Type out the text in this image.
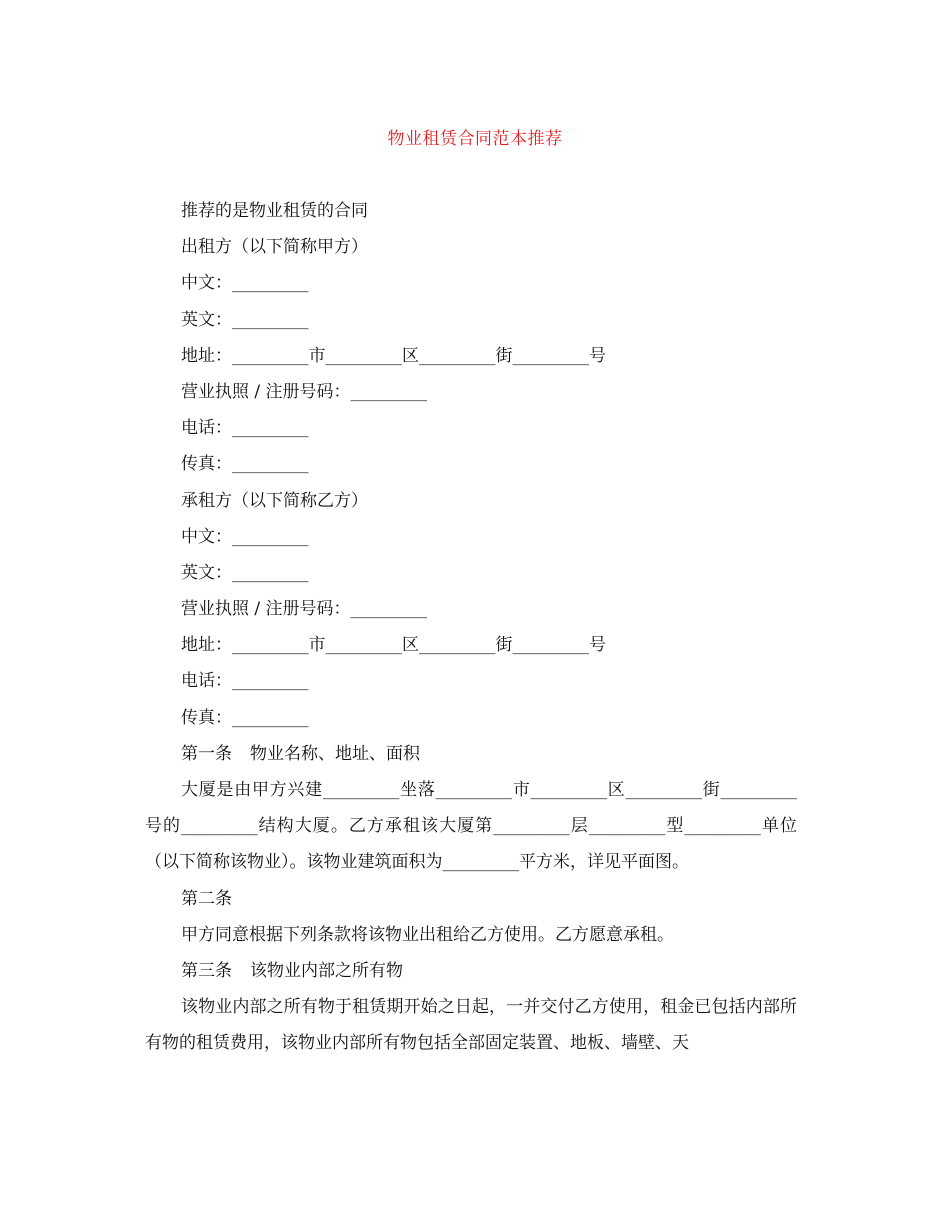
物业租赁合同范本推荐
推荐的是物业租赁的合同
出租方（以下简称甲方）
中文：_________
英文：_________
地址：_________市_________区_________街_________号
营业执照 / 注册号码：_________
电话：_________
传真：_________
承租方（以下简称乙方）
中文：_________
英文：_________
营业执照 / 注册号码：_________
地址：_________市_________区_________街_________号
电话：_________
传真：_________
第一条 物业名称、地址、面积

大厦是由甲方兴建_________坐落_________市_________区_________街_________号的_________结构大厦。乙方承租该大厦第_________层_________型_________单位（以下简称该物业）。该物业建筑面积为_________平方米，详见平面图。

第二条

甲方同意根据下列条款将该物业出租给乙方使用。乙方愿意承租。

第三条 该物业内部之所有物

该物业内部之所有物于租赁期开始之日起，一并交付乙方使用，租金已包括内部所有物的租赁费用，该物业内部所有物包括全部固定装置、地板、墙壁、天
